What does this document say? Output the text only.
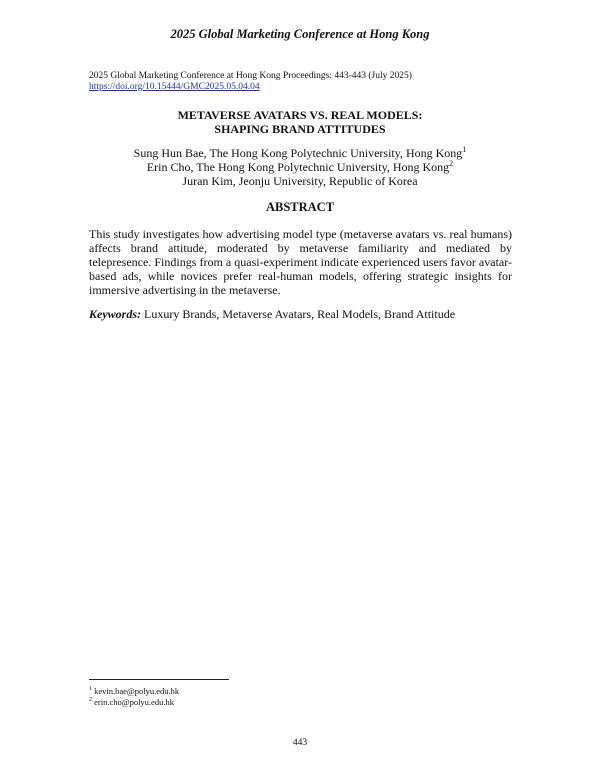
2025 Global Marketing Conference at Hong Kong
2025 Global Marketing Conference at Hong Kong Proceedings: 443-443 (July 2025)
https://doi.org/10.15444/GMC2025.05.04.04
METAVERSE AVATARS VS. REAL MODELS:
SHAPING BRAND ATTITUDES
Sung Hun Bae, The Hong Kong Polytechnic University, Hong Kong$^1$
Erin Cho, The Hong Kong Polytechnic University, Hong Kong$^2$
Juran Kim, Jeonju University, Republic of Korea
ABSTRACT
This study investigates how advertising model type (metaverse avatars vs. real humans) affects brand attitude, moderated by metaverse familiarity and mediated by telepresence. Findings from a quasi-experiment indicate experienced users favor avatar-based ads, while novices prefer real-human models, offering strategic insights for immersive advertising in the metaverse.
Keywords: Luxury Brands, Metaverse Avatars, Real Models, Brand Attitude
$^1$ kevin.bae@polyu.edu.hk
$^2$ erin.cho@polyu.edu.hk
443
